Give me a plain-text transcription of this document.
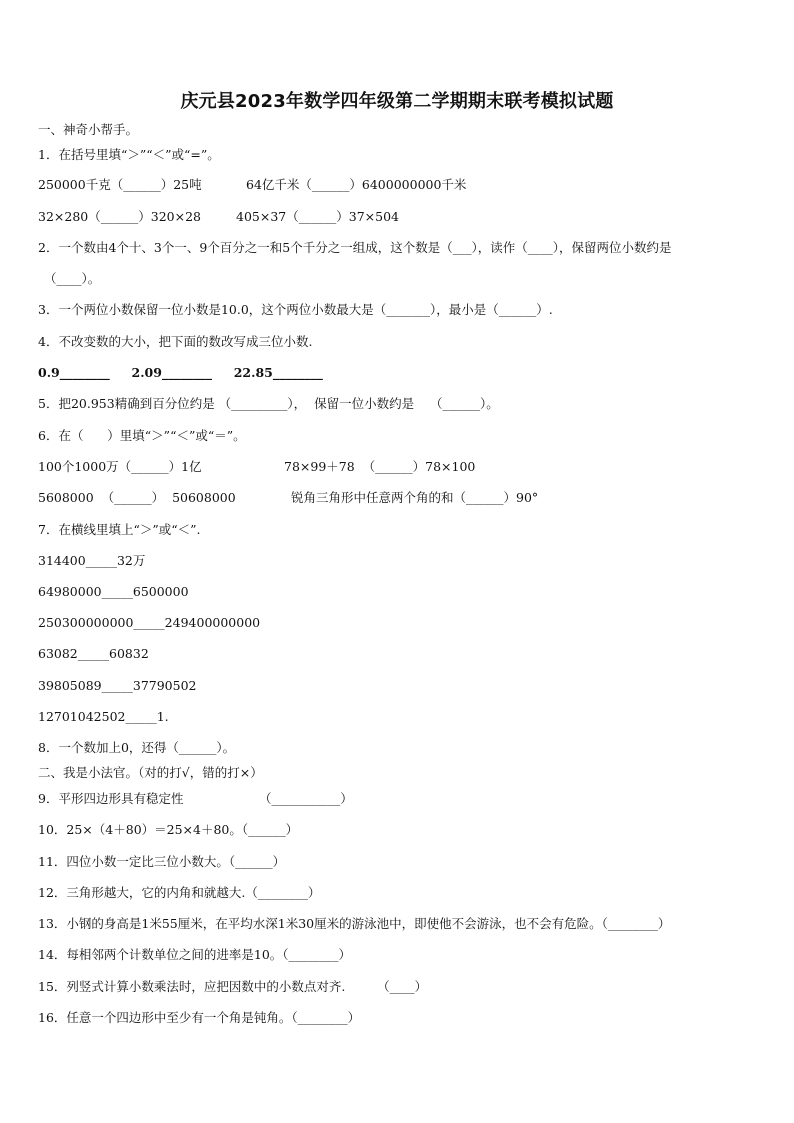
庆元县2023年数学四年级第二学期期末联考模拟试题
一、神奇小帮手。
1．在括号里填“＞”“＜”或“=”。
250000千克（______）25吨	64亿千米（______）6400000000千米
32×280（______）320×28	405×37（______）37×504
2．一个数由4个十、3个一、9个百分之一和5个千分之一组成，这个数是（___），读作（____），保留两位小数约是
（____）。
3．一个两位小数保留一位小数是10.0，这个两位小数最大是（_______），最小是（______）.
4．不改变数的大小，把下面的数改写成三位小数.
0.9________     2.09________     22.85________
5．把20.953精确到百分位约是 （_________），  保留一位小数约是    （______）。
6．在（      ）里填“＞”“＜”或“＝”。
100个1000万（______）1亿	78×99＋78  （______）78×100
5608000  （______）  50608000	锐角三角形中任意两个角的和（______）90°
7．在横线里填上“＞”或“＜”.
314400_____32万
64980000_____6500000
250300000000_____249400000000
63082_____60832
39805089_____37790502
12701042502_____1.
8．一个数加上0，还得（______）。
二、我是小法官。（对的打√，错的打×）
9．平形四边形具有稳定性                   （___________）
10．25×（4＋80）＝25×4＋80。（______）
11．四位小数一定比三位小数大。（______）
12．三角形越大，它的内角和就越大.（________）
13．小钢的身高是1米55厘米，在平均水深1米30厘米的游泳池中，即使他不会游泳，也不会有危险。（________）
14．每相邻两个计数单位之间的进率是10。（________）
15．列竖式计算小数乘法时，应把因数中的小数点对齐.        （____）
16．任意一个四边形中至少有一个角是钝角。（________）
